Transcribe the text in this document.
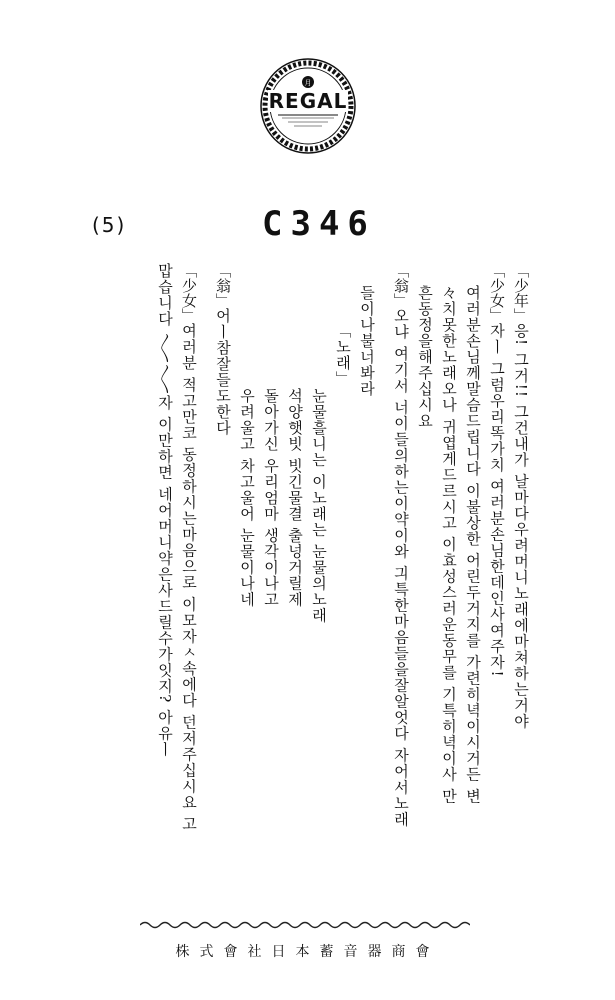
月
REGAL
(5)	C346
「少年」응! 그거!! 그건내가 날마다우려머니노래에마쳐하는거야
「少女」자ㅣ 그럼우리똑가치 여러분손님한데인사여주자!
여러분손님께말슴드립니다 이불상한 어린두거지를 가련히녁이시거든 변
々치못한노래오나 귀엽게드르시고 이효성스러운동무를 기특히녁이사 만
흔동정을해주십시요
「翁」오냐 여기서 너이들의하는이약이와 긔특한마음들을잘알엇다 자어서노래
들이나불너봐라
「노래」
눈물흘니는 이노래는 눈물의노래
석양햇빗 빗긴물결 출넝거릴제
돌아가신 우리엄마 생각이나고
우려울고 차고울어 눈물이나네
「翁」어ㅣ참잘들도한다
「少女」여러분 적고만코 동정하시는마음으로 이모자ㅅ속에다 던저주십시요 고
맙습니다 〱〱자 이만하면 네어머니약은사드릴수가잇지? 아유ㅣ
株式會社日本蓄音器商會
